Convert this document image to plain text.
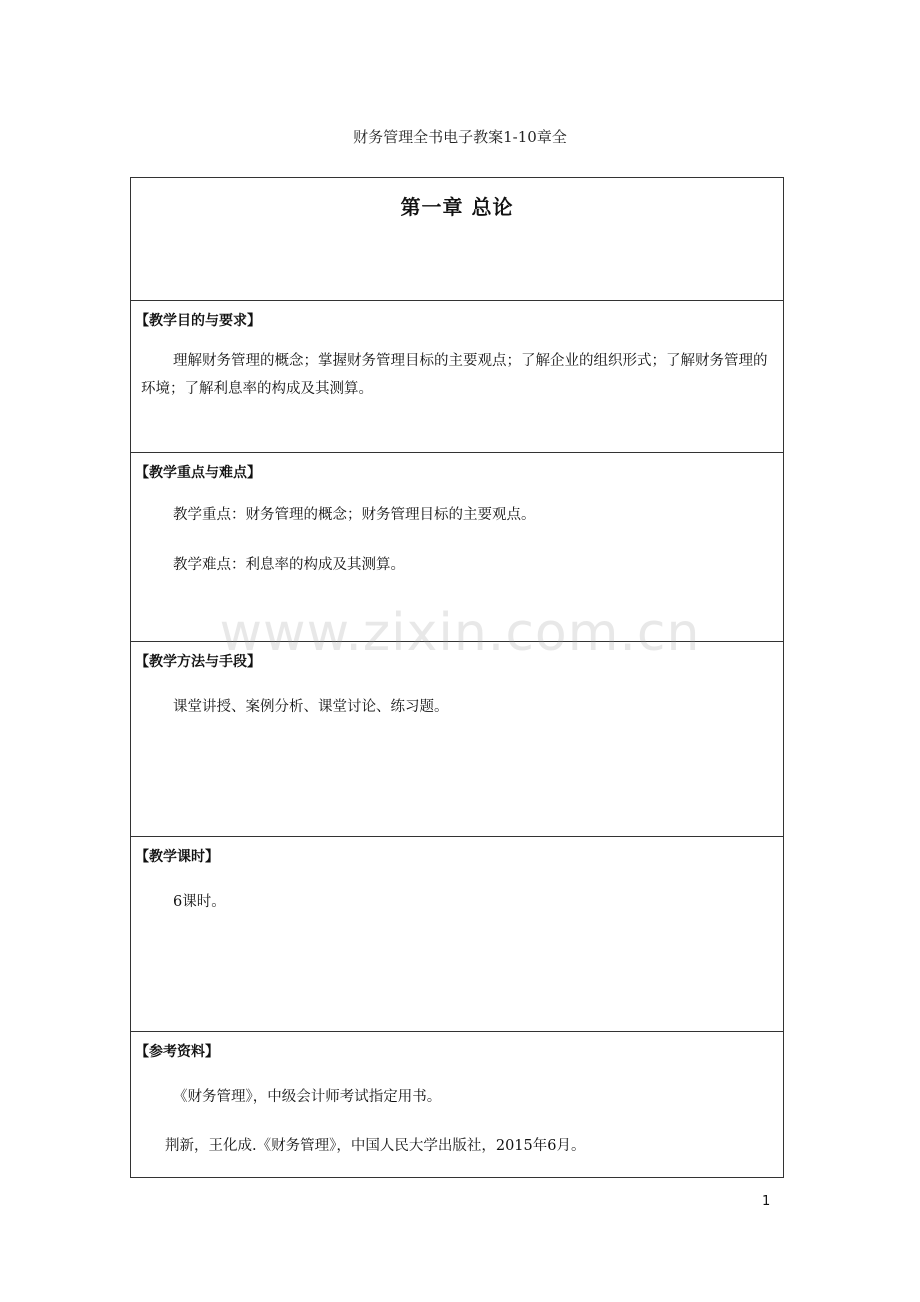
财务管理全书电子教案1-10章全
第一章 总论
【教学目的与要求】
理解财务管理的概念；掌握财务管理目标的主要观点；了解企业的组织形式；了解财务管理的环境；了解利息率的构成及其测算。
【教学重点与难点】
教学重点：财务管理的概念；财务管理目标的主要观点。
教学难点：利息率的构成及其测算。
【教学方法与手段】
课堂讲授、案例分析、课堂讨论、练习题。
【教学课时】
6课时。
【参考资料】
《财务管理》，中级会计师考试指定用书。
荆新，王化成.《财务管理》，中国人民大学出版社，2015年6月。
www.zixin.com.cn
1
